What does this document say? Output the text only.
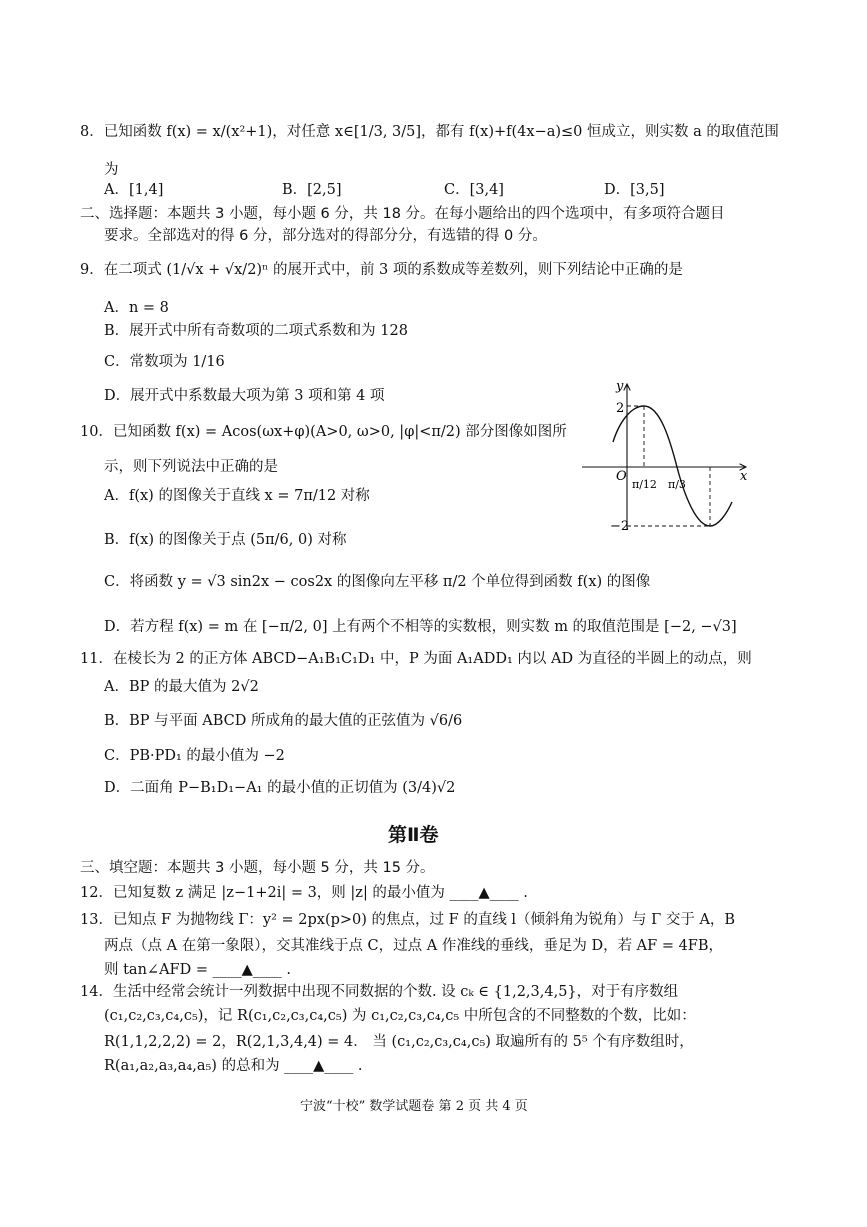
8．已知函数 f(x) = x/(x²+1)，对任意 x∈[1/3, 3/5]，都有 f(x)+f(4x−a)≤0 恒成立，则实数 a 的取值范围
为
A．[1,4]	B．[2,5]	C．[3,4]	D．[3,5]
二、选择题：本题共 3 小题，每小题 6 分，共 18 分。在每小题给出的四个选项中，有多项符合题目
要求。全部选对的得 6 分，部分选对的得部分分，有选错的得 0 分。
9．在二项式 (1/√x + √x/2)ⁿ 的展开式中，前 3 项的系数成等差数列，则下列结论中正确的是
A．n = 8
B．展开式中所有奇数项的二项式系数和为 128
C．常数项为 1/16
D．展开式中系数最大项为第 3 项和第 4 项
10．已知函数 f(x) = Acos(ωx+φ)(A>0, ω>0, |φ|<π/2) 部分图像如图所
示，则下列说法中正确的是
A．f(x) 的图像关于直线 x = 7π/12 对称
B．f(x) 的图像关于点 (5π/6, 0) 对称
C．将函数 y = √3 sin2x − cos2x 的图像向左平移 π/2 个单位得到函数 f(x) 的图像
D．若方程 f(x) = m 在 [−π/2, 0] 上有两个不相等的实数根，则实数 m 的取值范围是 [−2, −√3]
y
x
O
2
−2
π/12 π/3
11．在棱长为 2 的正方体 ABCD−A₁B₁C₁D₁ 中，P 为面 A₁ADD₁ 内以 AD 为直径的半圆上的动点，则
A．BP 的最大值为 2√2
B．BP 与平面 ABCD 所成角的最大值的正弦值为 √6/6
C．PB·PD₁ 的最小值为 −2
D．二面角 P−B₁D₁−A₁ 的最小值的正切值为 (3/4)√2
第Ⅱ卷
三、填空题：本题共 3 小题，每小题 5 分，共 15 分。
12．已知复数 z 满足 |z−1+2i| = 3，则 |z| 的最小值为 ____▲____ .
13．已知点 F 为抛物线 Γ：y² = 2px(p>0) 的焦点，过 F 的直线 l（倾斜角为锐角）与 Γ 交于 A，B
两点（点 A 在第一象限），交其准线于点 C，过点 A 作准线的垂线，垂足为 D，若 AF = 4FB，
则 tan∠AFD = ____▲____ .
14．生活中经常会统计一列数据中出现不同数据的个数. 设 cₖ ∈ {1,2,3,4,5}，对于有序数组
(c₁,c₂,c₃,c₄,c₅)，记 R(c₁,c₂,c₃,c₄,c₅) 为 c₁,c₂,c₃,c₄,c₅ 中所包含的不同整数的个数，比如：
R(1,1,2,2,2) = 2，R(2,1,3,4,4) = 4． 当 (c₁,c₂,c₃,c₄,c₅) 取遍所有的 5⁵ 个有序数组时，
R(a₁,a₂,a₃,a₄,a₅) 的总和为 ____▲____ .
宁波“十校” 数学试题卷 第 2 页 共 4 页
